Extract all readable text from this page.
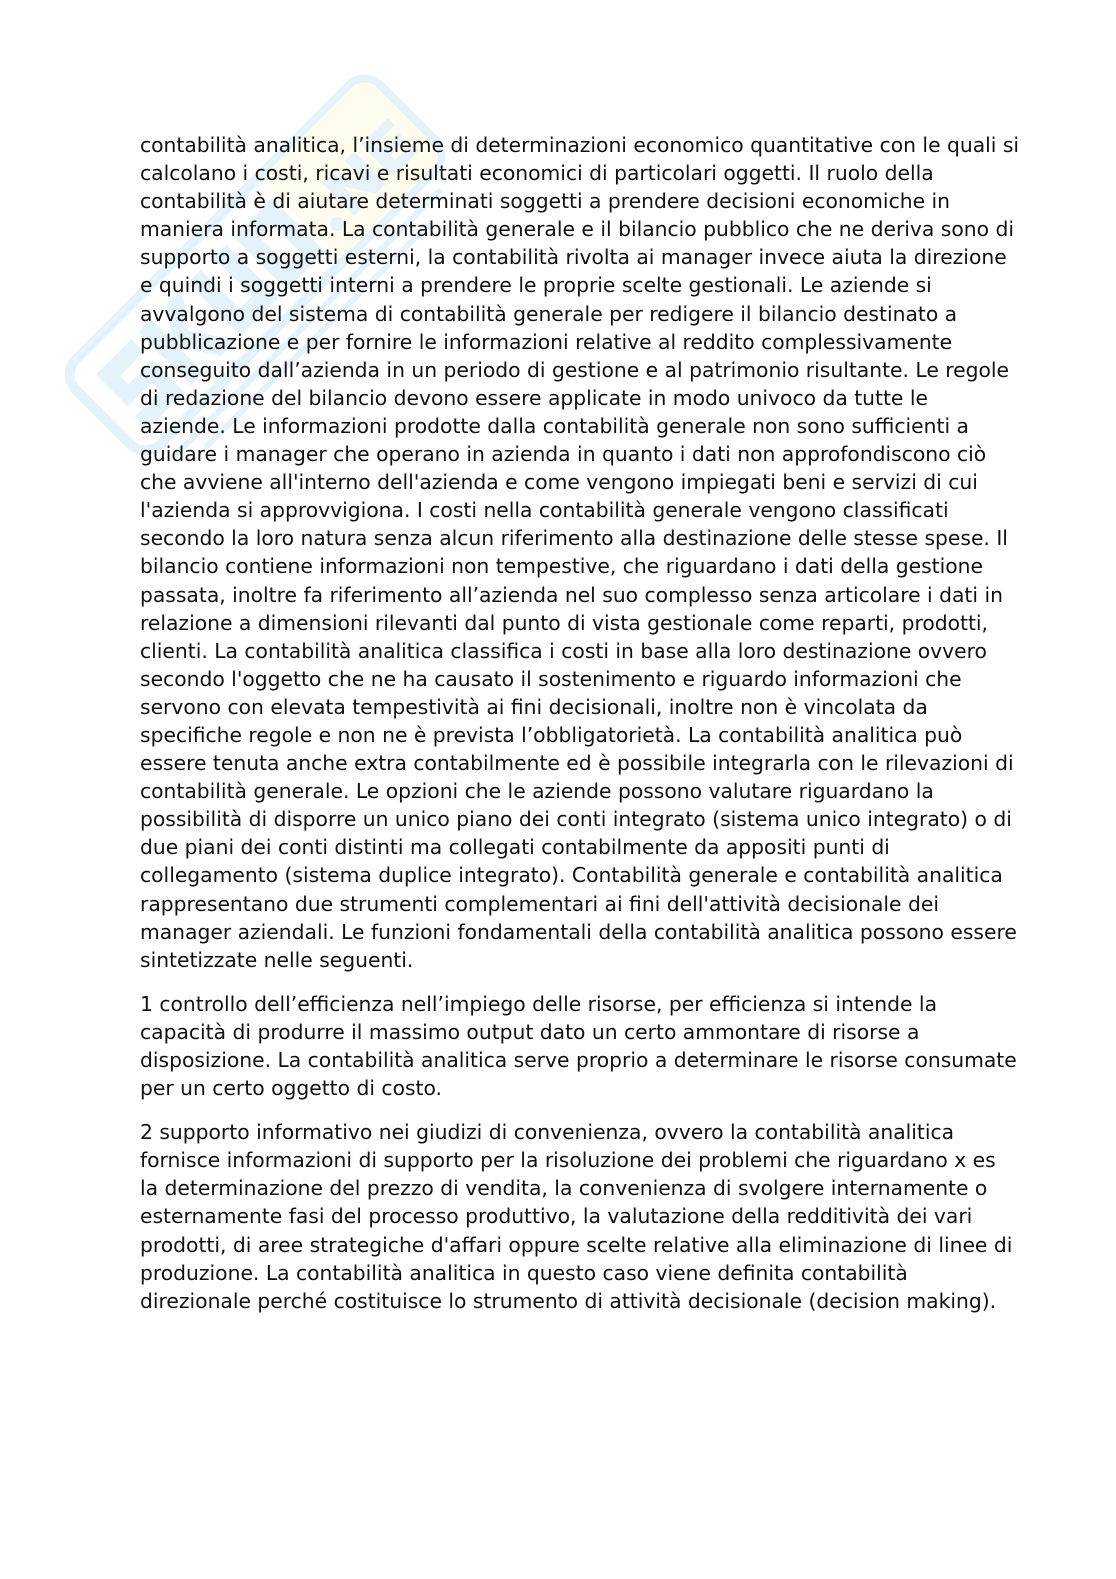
contabilità analitica, l’insieme di determinazioni economico quantitative con le quali si calcolano i costi, ricavi e risultati economici di particolari oggetti. Il ruolo della contabilità è di aiutare determinati soggetti a prendere decisioni economiche in maniera informata. La contabilità generale e il bilancio pubblico che ne deriva sono di supporto a soggetti esterni, la contabilità rivolta ai manager invece aiuta la direzione e quindi i soggetti interni a prendere le proprie scelte gestionali. Le aziende si avvalgono del sistema di contabilità generale per redigere il bilancio destinato a pubblicazione e per fornire le informazioni relative al reddito complessivamente conseguito dall’azienda in un periodo di gestione e al patrimonio risultante. Le regole di redazione del bilancio devono essere applicate in modo univoco da tutte le aziende. Le informazioni prodotte dalla contabilità generale non sono sufficienti a guidare i manager che operano in azienda in quanto i dati non approfondiscono ciò che avviene all'interno dell'azienda e come vengono impiegati beni e servizi di cui l'azienda si approvvigiona. I costi nella contabilità generale vengono classificati secondo la loro natura senza alcun riferimento alla destinazione delle stesse spese. Il bilancio contiene informazioni non tempestive, che riguardano i dati della gestione passata, inoltre fa riferimento all’azienda nel suo complesso senza articolare i dati in relazione a dimensioni rilevanti dal punto di vista gestionale come reparti, prodotti, clienti. La contabilità analitica classifica i costi in base alla loro destinazione ovvero secondo l'oggetto che ne ha causato il sostenimento e riguardo informazioni che servono con elevata tempestività ai fini decisionali, inoltre non è vincolata da specifiche regole e non ne è prevista l’obbligatorietà. La contabilità analitica può essere tenuta anche extra contabilmente ed è possibile integrarla con le rilevazioni di contabilità generale. Le opzioni che le aziende possono valutare riguardano la possibilità di disporre un unico piano dei conti integrato (sistema unico integrato) o di due piani dei conti distinti ma collegati contabilmente da appositi punti di collegamento (sistema duplice integrato). Contabilità generale e contabilità analitica rappresentano due strumenti complementari ai fini dell'attività decisionale dei manager aziendali. Le funzioni fondamentali della contabilità analitica possono essere sintetizzate nelle seguenti.

1 controllo dell’efficienza nell’impiego delle risorse, per efficienza si intende la capacità di produrre il massimo output dato un certo ammontare di risorse a disposizione. La contabilità analitica serve proprio a determinare le risorse consumate per un certo oggetto di costo.

2 supporto informativo nei giudizi di convenienza, ovvero la contabilità analitica fornisce informazioni di supporto per la risoluzione dei problemi che riguardano x es la determinazione del prezzo di vendita, la convenienza di svolgere internamente o esternamente fasi del processo produttivo, la valutazione della redditività dei vari prodotti, di aree strategiche d'affari oppure scelte relative alla eliminazione di linee di produzione. La contabilità analitica in questo caso viene definita contabilità direzionale perché costituisce lo strumento di attività decisionale (decision making).
